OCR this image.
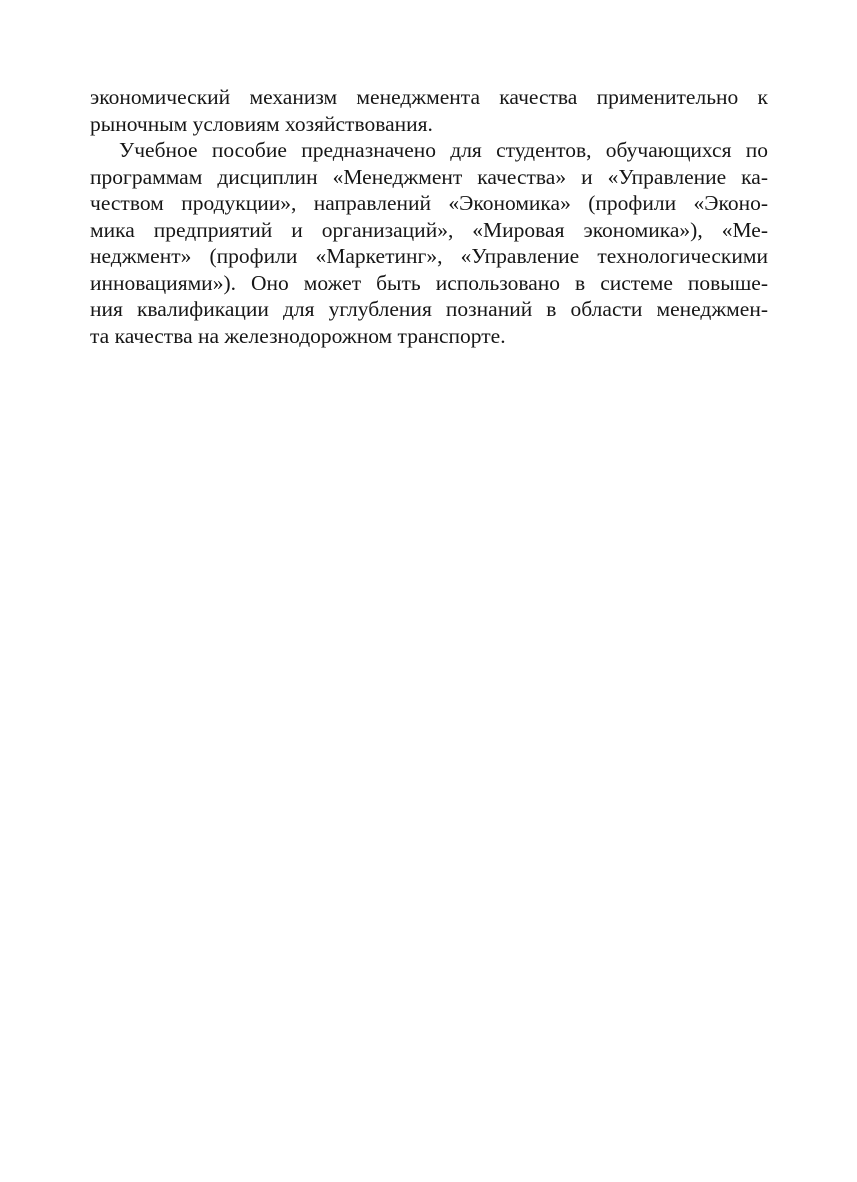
экономический механизм менеджмента качества применительно к
рыночным условиям хозяйствования.

Учебное пособие предназначено для студентов, обучающихся по
программам дисциплин «Менеджмент качества» и «Управление ка-
чеством продукции», направлений «Экономика» (профили «Эконо-
мика предприятий и организаций», «Мировая экономика»), «Ме-
неджмент» (профили «Маркетинг», «Управление технологическими
инновациями»). Оно может быть использовано в системе повыше-
ния квалификации для углубления познаний в области менеджмен-
та качества на железнодорожном транспорте.
